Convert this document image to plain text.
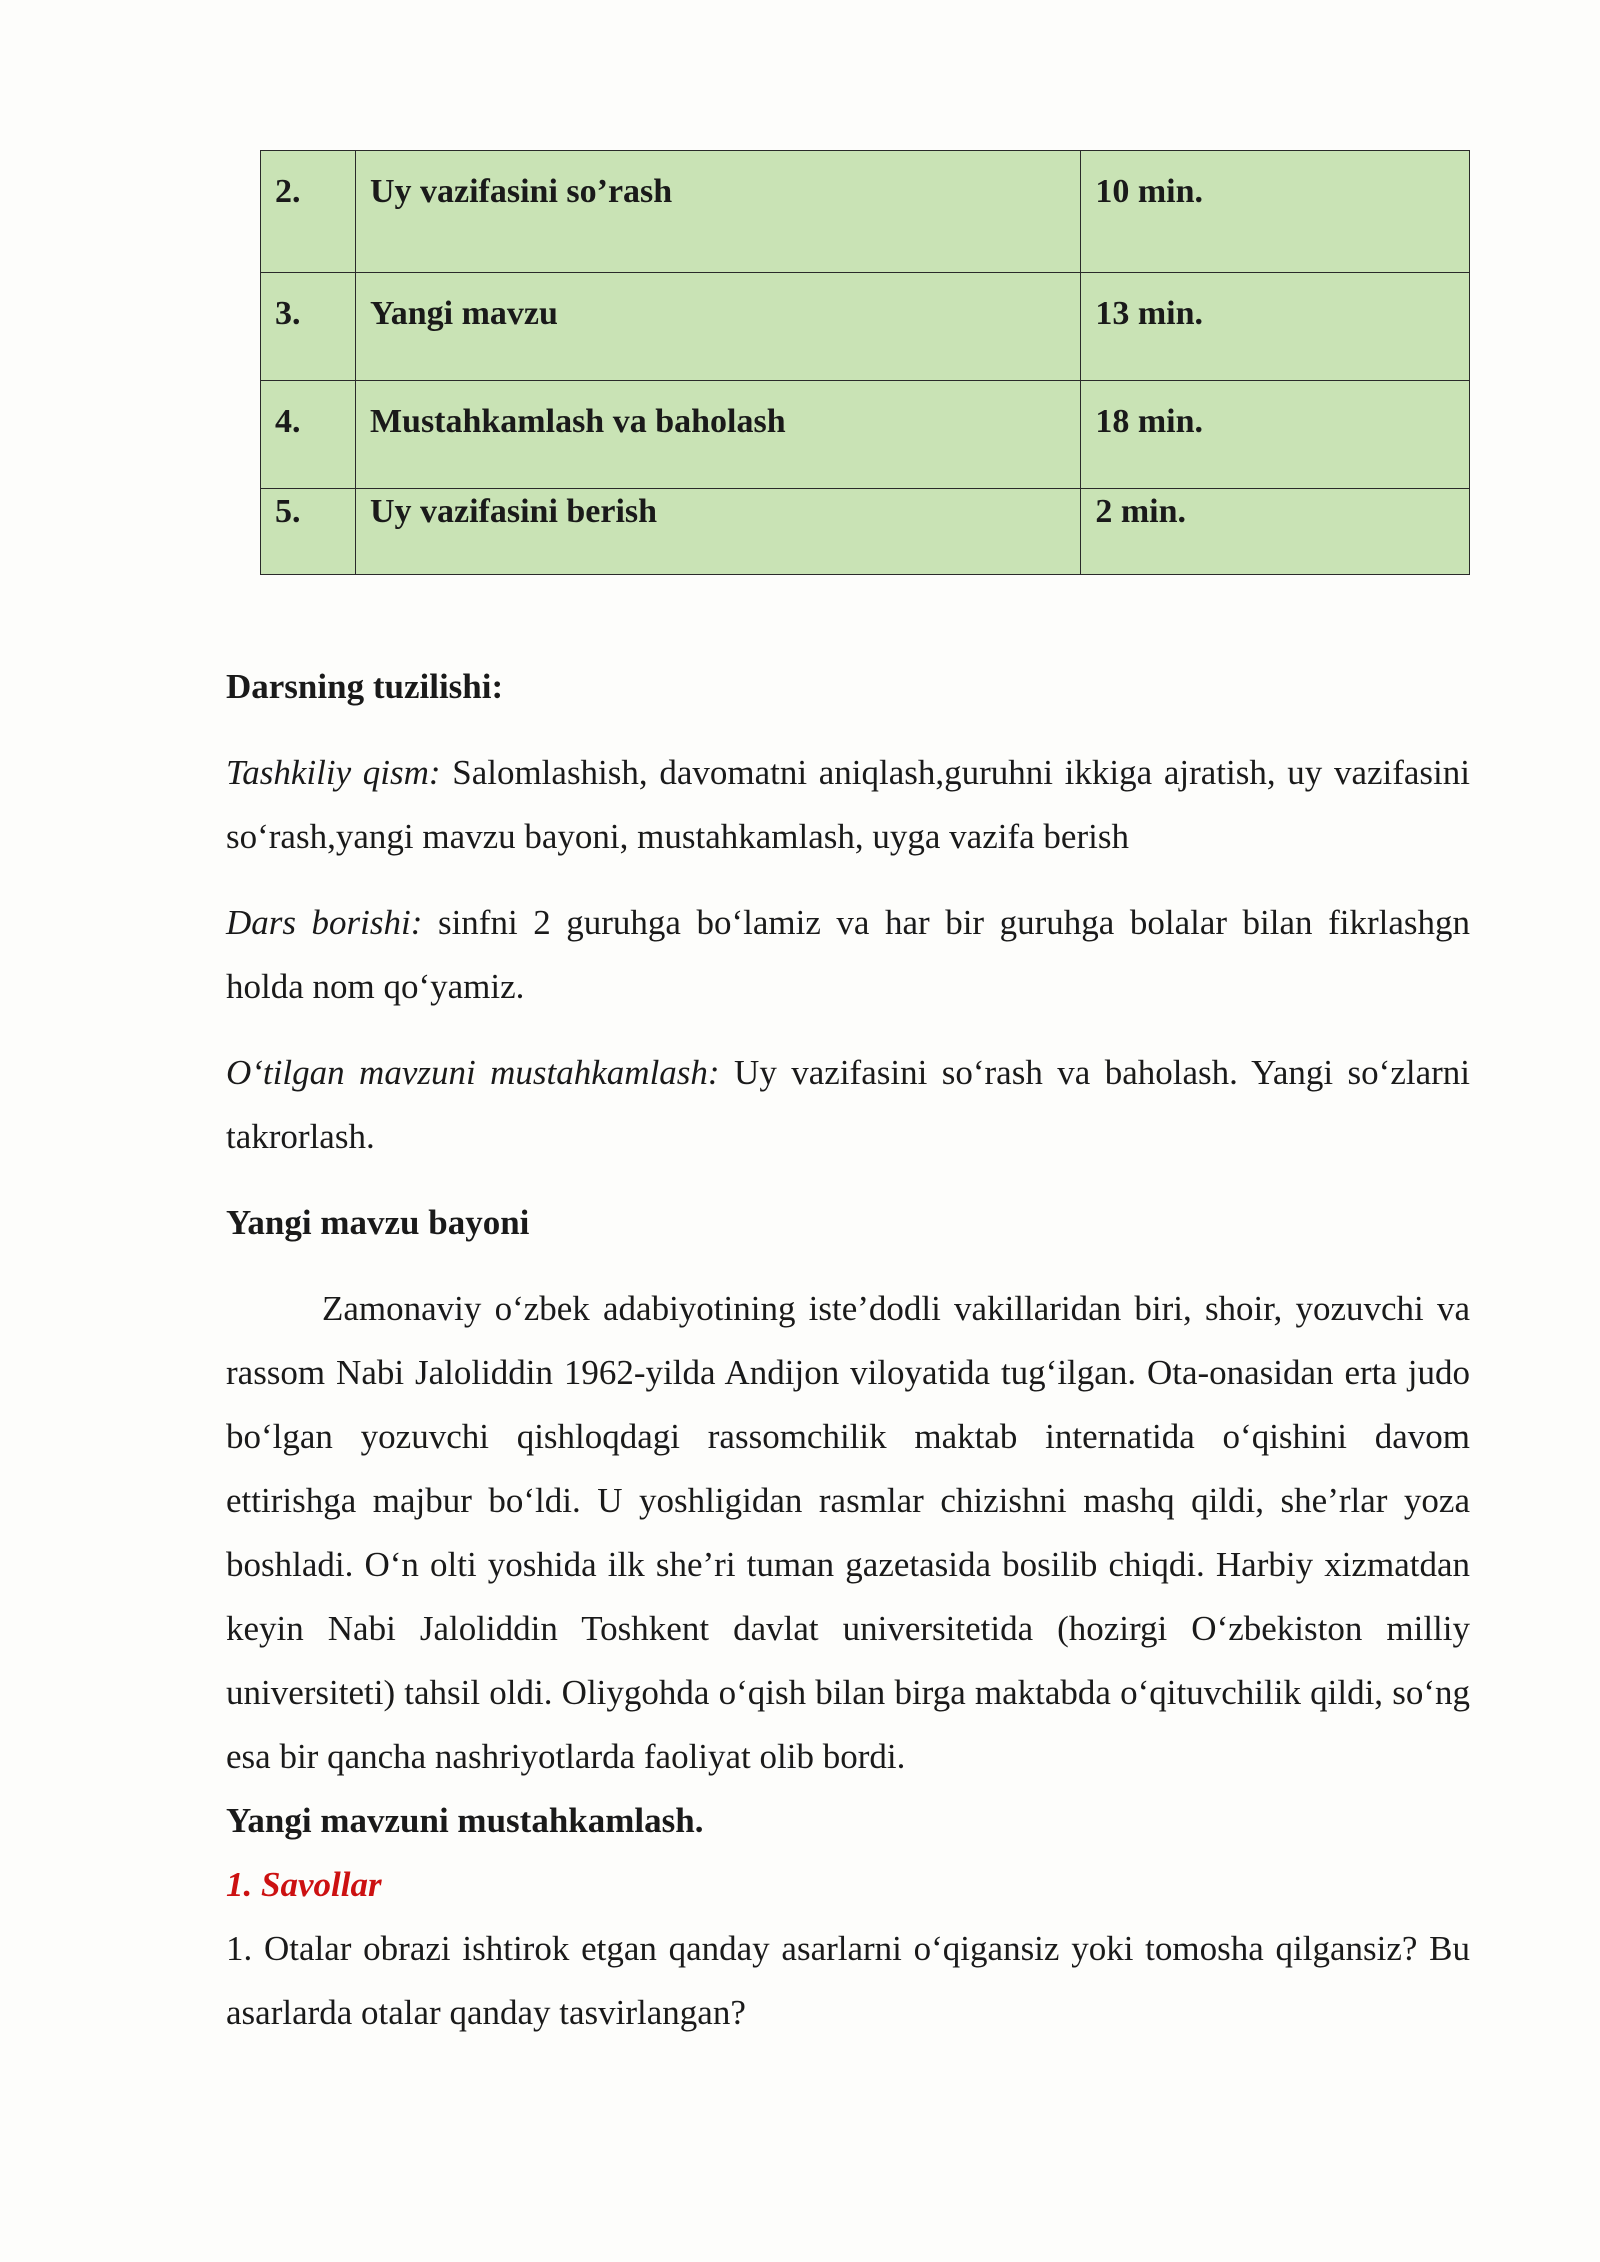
2.	Uy vazifasini so’rash	10 min.
3.	Yangi mavzu	13 min.
4.	Mustahkamlash va baholash	18 min.
5.	Uy vazifasini berish	2 min.

Darsning tuzilishi:

Tashkiliy qism: Salomlashish, davomatni aniqlash,guruhni ikkiga ajratish, uy vazifasini so‘rash,yangi mavzu bayoni, mustahkamlash, uyga vazifa berish

Dars borishi: sinfni 2 guruhga bo‘lamiz va har bir guruhga bolalar bilan fikrlashgn holda nom qo‘yamiz.

O‘tilgan mavzuni mustahkamlash: Uy vazifasini so‘rash va baholash. Yangi so‘zlarni takrorlash.

Yangi mavzu bayoni

Zamonaviy o‘zbek adabiyotining iste’dodli vakillaridan biri, shoir, yozuvchi va rassom Nabi Jaloliddin 1962-yilda Andijon viloyatida tug‘ilgan. Ota-onasidan erta judo bo‘lgan yozuvchi qishloqdagi rassomchilik maktab internatida o‘qishini davom ettirishga majbur bo‘ldi. U yoshligidan rasmlar chizishni mashq qildi, she’rlar yoza boshladi. O‘n olti yoshida ilk she’ri tuman gazetasida bosilib chiqdi. Harbiy xizmatdan keyin Nabi Jaloliddin Toshkent davlat universitetida (hozirgi O‘zbekiston milliy universiteti) tahsil oldi. Oliygohda o‘qish bilan birga maktabda o‘qituvchilik qildi, so‘ng esa bir qancha nashriyotlarda faoliyat olib bordi.

Yangi mavzuni mustahkamlash.

1. Savollar

1. Otalar obrazi ishtirok etgan qanday asarlarni o‘qigansiz yoki tomosha qilgansiz? Bu asarlarda otalar qanday tasvirlangan?
